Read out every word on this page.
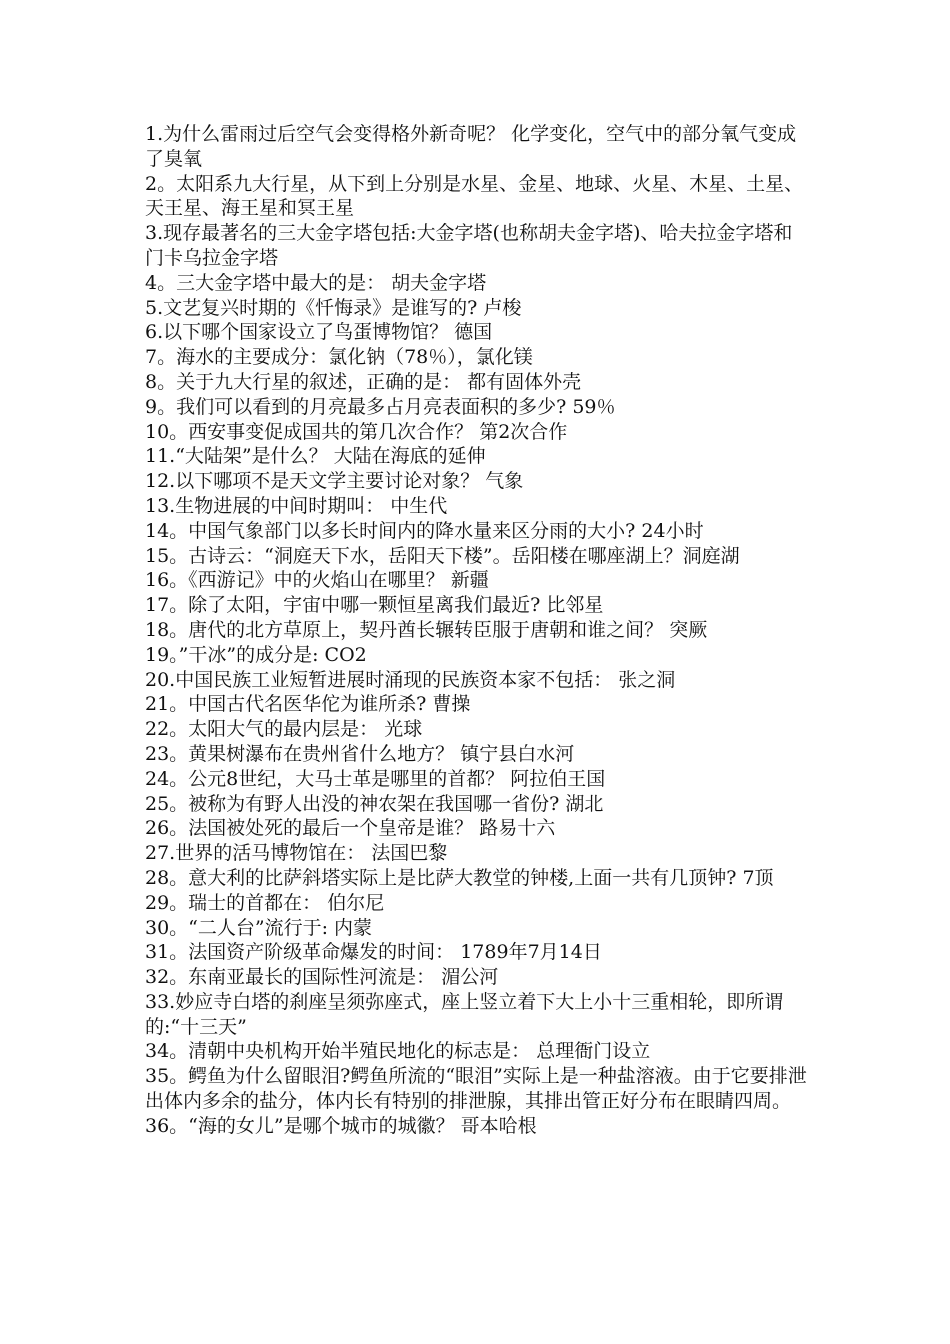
1.为什么雷雨过后空气会变得格外新奇呢？ 化学变化，空气中的部分氧气变成了臭氧

2。太阳系九大行星，从下到上分别是水星、金星、地球、火星、木星、土星、天王星、海王星和冥王星

3.现存最著名的三大金字塔包括:大金字塔(也称胡夫金字塔)、哈夫拉金字塔和门卡乌拉金字塔

4。三大金字塔中最大的是： 胡夫金字塔

5.文艺复兴时期的《忏悔录》是谁写的? 卢梭

6.以下哪个国家设立了鸟蛋博物馆？ 德国

7。海水的主要成分：氯化钠（78％），氯化镁

8。关于九大行星的叙述，正确的是： 都有固体外壳

9。我们可以看到的月亮最多占月亮表面积的多少? 59％

10。西安事变促成国共的第几次合作？ 第2次合作

11.“大陆架”是什么？ 大陆在海底的延伸

12.以下哪项不是天文学主要讨论对象？ 气象

13.生物进展的中间时期叫： 中生代

14。中国气象部门以多长时间内的降水量来区分雨的大小? 24小时

15。古诗云：“洞庭天下水，岳阳天下楼”。岳阳楼在哪座湖上？洞庭湖

16。《西游记》中的火焰山在哪里？ 新疆

17。除了太阳，宇宙中哪一颗恒星离我们最近? 比邻星

18。唐代的北方草原上，契丹酋长辗转臣服于唐朝和谁之间？ 突厥

19。”干冰”的成分是: CO2

20.中国民族工业短暂进展时涌现的民族资本家不包括： 张之洞

21。中国古代名医华佗为谁所杀? 曹操

22。太阳大气的最内层是： 光球

23。黄果树瀑布在贵州省什么地方？ 镇宁县白水河

24。公元8世纪，大马士革是哪里的首都？ 阿拉伯王国

25。被称为有野人出没的神农架在我国哪一省份? 湖北

26。法国被处死的最后一个皇帝是谁？ 路易十六

27.世界的活马博物馆在： 法国巴黎

28。意大利的比萨斜塔实际上是比萨大教堂的钟楼,上面一共有几顶钟? 7顶

29。瑞士的首都在： 伯尔尼

30。“二人台”流行于: 内蒙

31。法国资产阶级革命爆发的时间： 1789年7月14日

32。东南亚最长的国际性河流是： 湄公河

33.妙应寺白塔的刹座呈须弥座式，座上竖立着下大上小十三重相轮，即所谓的:“十三天”

34。清朝中央机构开始半殖民地化的标志是： 总理衙门设立

35。鳄鱼为什么留眼泪?鳄鱼所流的“眼泪”实际上是一种盐溶液。由于它要排泄出体内多余的盐分，体内长有特别的排泄腺，其排出管正好分布在眼睛四周。

36。“海的女儿”是哪个城市的城徽？ 哥本哈根
